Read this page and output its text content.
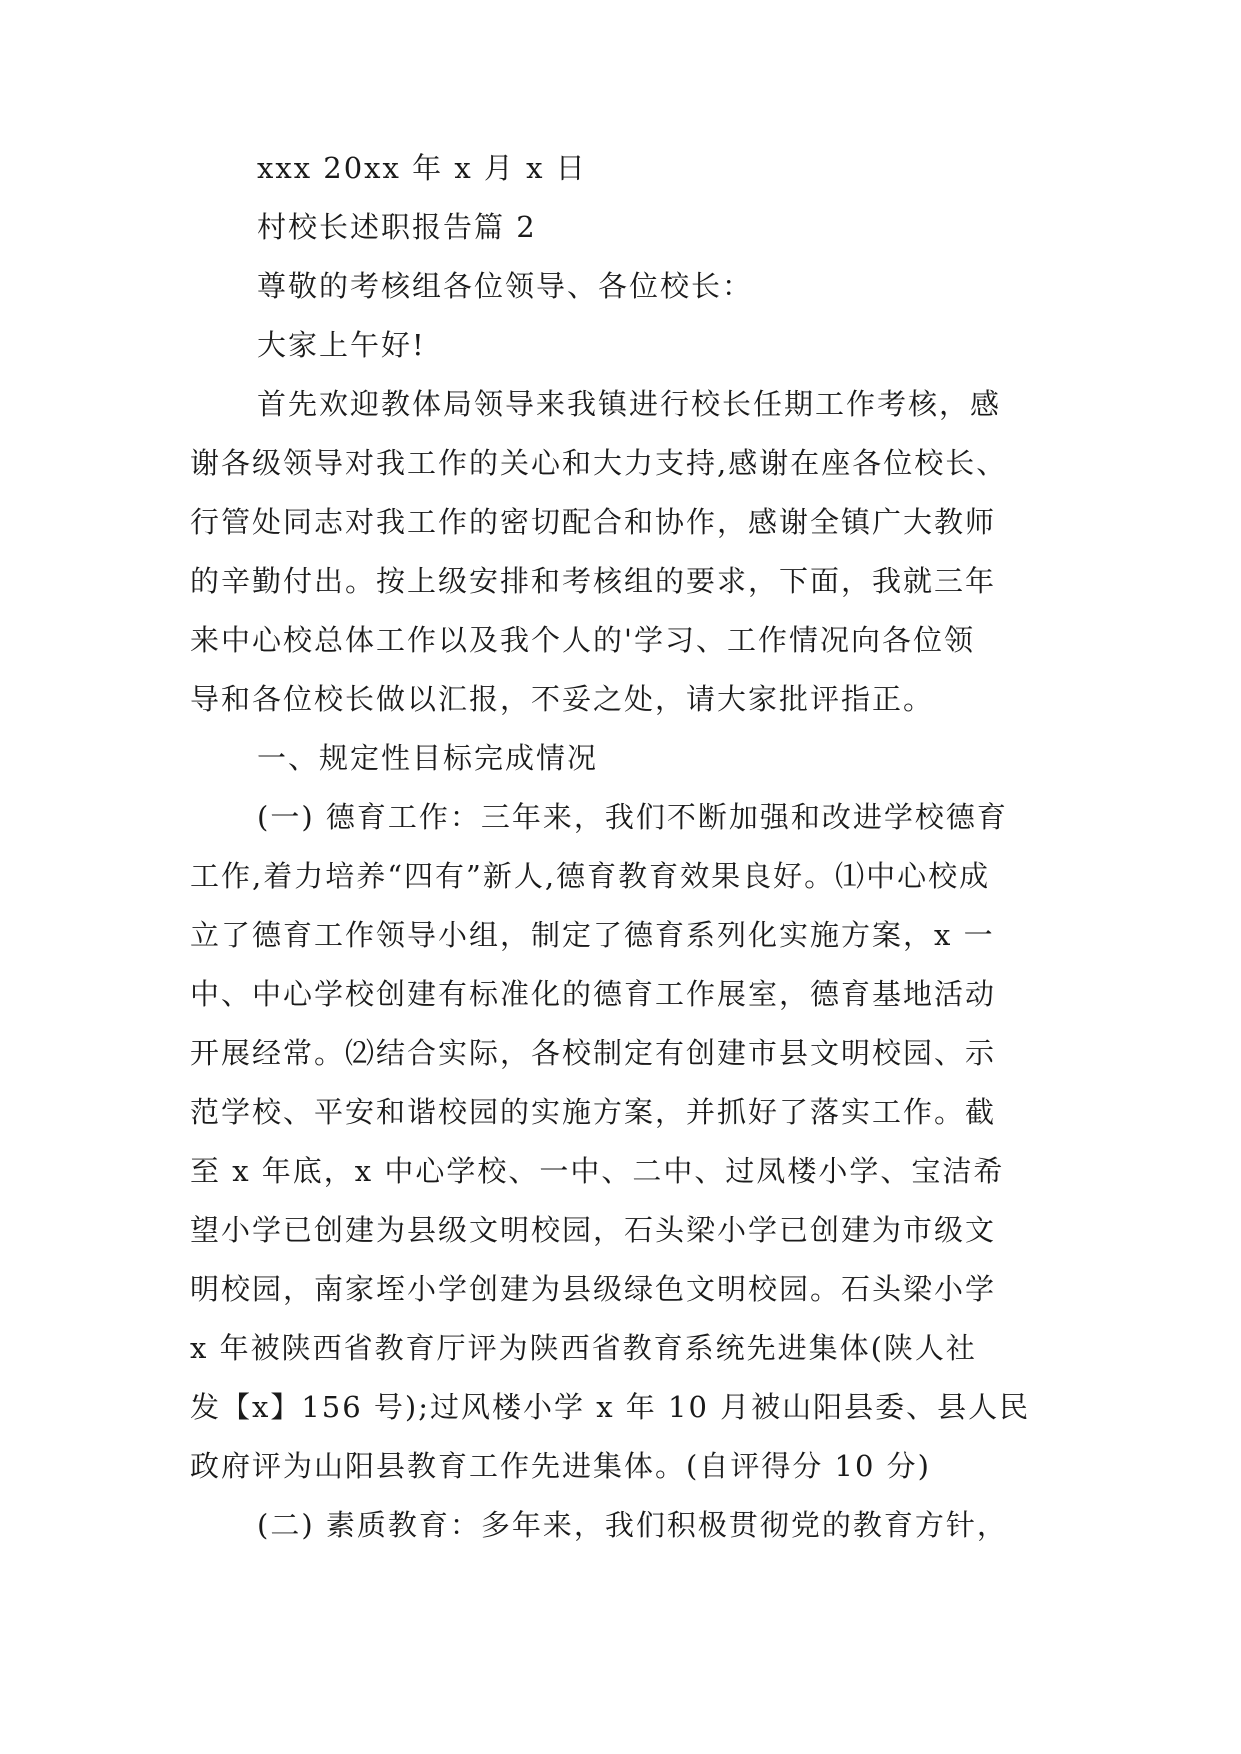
xxx 20xx 年 x 月 x 日
村校长述职报告篇 2
尊敬的考核组各位领导、各位校长：
大家上午好!
首先欢迎教体局领导来我镇进行校长任期工作考核，感
谢各级领导对我工作的关心和大力支持,感谢在座各位校长、
行管处同志对我工作的密切配合和协作，感谢全镇广大教师
的辛勤付出。按上级安排和考核组的要求，下面，我就三年
来中心校总体工作以及我个人的'学习、工作情况向各位领
导和各位校长做以汇报，不妥之处，请大家批评指正。
一、规定性目标完成情况
(一) 德育工作：三年来，我们不断加强和改进学校德育
工作,着力培养“四有”新人,德育教育效果良好。⑴中心校成
立了德育工作领导小组，制定了德育系列化实施方案，x 一
中、中心学校创建有标准化的德育工作展室，德育基地活动
开展经常。⑵结合实际，各校制定有创建市县文明校园、示
范学校、平安和谐校园的实施方案，并抓好了落实工作。截
至 x 年底，x 中心学校、一中、二中、过凤楼小学、宝洁希
望小学已创建为县级文明校园，石头梁小学已创建为市级文
明校园，南家垤小学创建为县级绿色文明校园。石头梁小学
x 年被陕西省教育厅评为陕西省教育系统先进集体(陕人社
发【x】156 号);过风楼小学 x 年 10 月被山阳县委、县人民
政府评为山阳县教育工作先进集体。(自评得分 10 分)
(二) 素质教育：多年来，我们积极贯彻党的教育方针，
